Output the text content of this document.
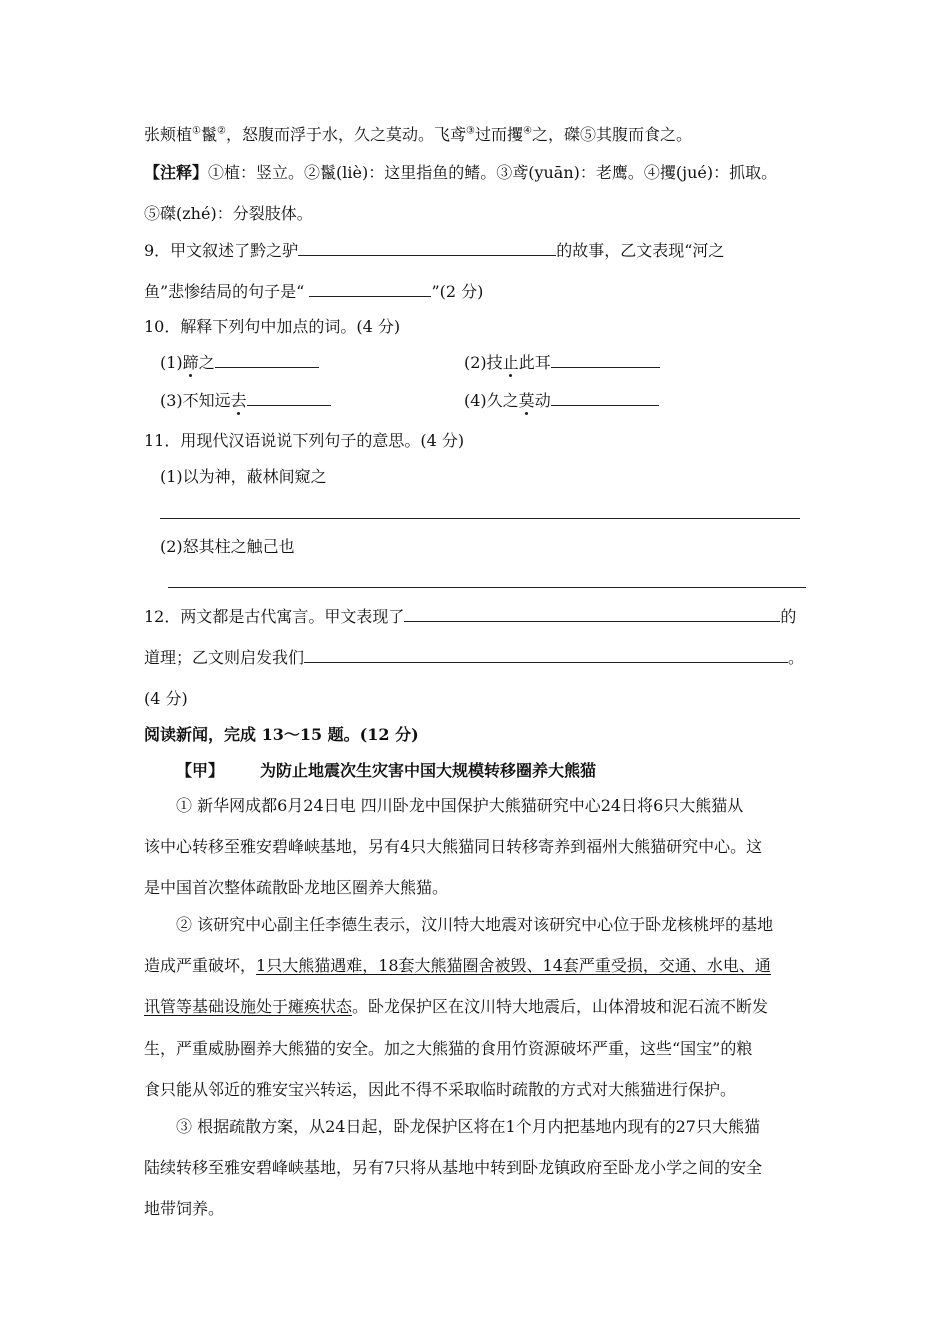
张颊植①鬣②，怒腹而浮于水，久之莫动。飞鸢③过而攫④之，磔⑤其腹而食之。
【注释】①植：竖立。②鬣(liè)：这里指鱼的鳍。③鸢(yuān)：老鹰。④攫(jué)：抓取。
⑤磔(zhé)：分裂肢体。
9．甲文叙述了黔之驴	的故事，乙文表现“河之
鱼”悲惨结局的句子是“	”(2 分)
10．解释下列句中加点的词。(4 分)
(1)蹄之	(2)技止此耳
(3)不知远去	(4)久之莫动
11．用现代汉语说说下列句子的意思。(4 分)
(1)以为神，蔽林间窥之
(2)怒其柱之触己也
12．两文都是古代寓言。甲文表现了	的
道理；乙文则启发我们	。
(4 分)
阅读新闻，完成 13～15 题。(12 分)
【甲】 为防止地震次生灾害中国大规模转移圈养大熊猫
① 新华网成都6月24日电 四川卧龙中国保护大熊猫研究中心24日将6只大熊猫从
该中心转移至雅安碧峰峡基地，另有4只大熊猫同日转移寄养到福州大熊猫研究中心。这
是中国首次整体疏散卧龙地区圈养大熊猫。
② 该研究中心副主任李德生表示，汶川特大地震对该研究中心位于卧龙核桃坪的基地
造成严重破坏，1只大熊猫遇难，18套大熊猫圈舍被毁、14套严重受损，交通、水电、通
讯管等基础设施处于瘫痪状态。卧龙保护区在汶川特大地震后，山体滑坡和泥石流不断发
生，严重威胁圈养大熊猫的安全。加之大熊猫的食用竹资源破坏严重，这些“国宝”的粮
食只能从邻近的雅安宝兴转运，因此不得不采取临时疏散的方式对大熊猫进行保护。
③ 根据疏散方案，从24日起，卧龙保护区将在1个月内把基地内现有的27只大熊猫
陆续转移至雅安碧峰峡基地，另有7只将从基地中转到卧龙镇政府至卧龙小学之间的安全
地带饲养。
